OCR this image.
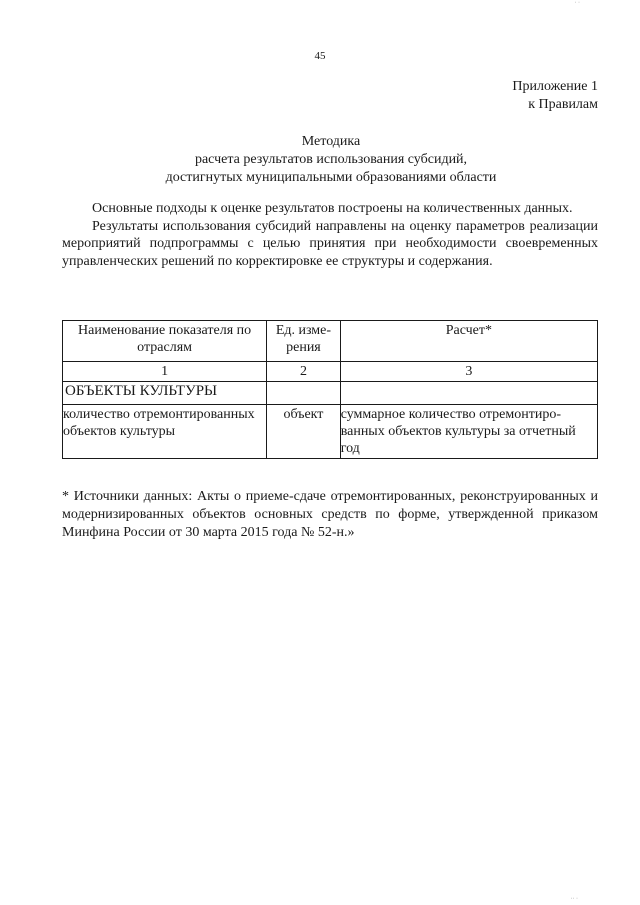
45
Приложение 1
к Правилам
Методика
расчета результатов использования субсидий,
достигнутых муниципальными образованиями области

Основные подходы к оценке результатов построены на количественных данных.

Результаты использования субсидий направлены на оценку параметров реализации мероприятий подпрограммы с целью принятия при необходимости своевременных управленческих решений по корректировке ее структуры и содержания.

Наименование показателя по отраслям	Ед. измерения	Расчет*
1	2	3
ОБЪЕКТЫ КУЛЬТУРЫ		
количество отремонтированных объектов культуры	объект	суммарное количество отремонтированных объектов культуры за отчетный год

* Источники данных: Акты о приеме-сдаче отремонтированных, реконструированных и модернизированных объектов основных средств по форме, утвержденной приказом Минфина России от 30 марта 2015 года № 52-н.»

· ·
·· ·
